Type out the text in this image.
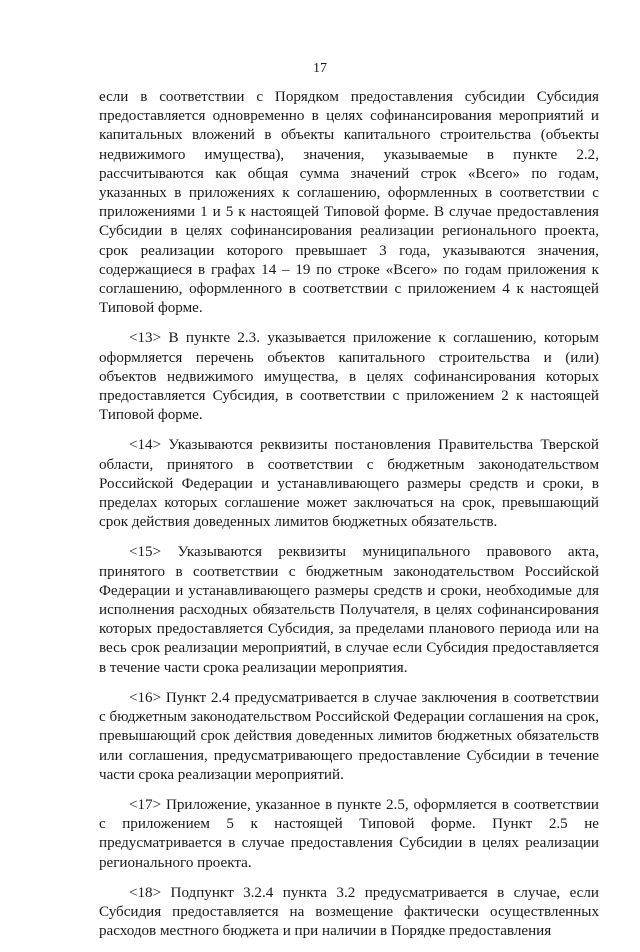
17

если в соответствии с Порядком предоставления субсидии Субсидия предоставляется одновременно в целях софинансирования мероприятий и капитальных вложений в объекты капитального строительства (объекты недвижимого имущества), значения, указываемые в пункте 2.2, рассчитываются как общая сумма значений строк «Всего» по годам, указанных в приложениях к соглашению, оформленных в соответствии с приложениями 1 и 5 к настоящей Типовой форме. В случае предоставления Субсидии в целях софинансирования реализации регионального проекта, срок реализации которого превышает 3 года, указываются значения, содержащиеся в графах 14 – 19 по строке «Всего» по годам приложения к соглашению, оформленного в соответствии с приложением 4 к настоящей Типовой форме.

<13> В пункте 2.3. указывается приложение к соглашению, которым оформляется перечень объектов капитального строительства и (или) объектов недвижимого имущества, в целях софинансирования которых предоставляется Субсидия, в соответствии с приложением 2 к настоящей Типовой форме.

<14> Указываются реквизиты постановления Правительства Тверской области, принятого в соответствии с бюджетным законодательством Российской Федерации и устанавливающего размеры средств и сроки, в пределах которых соглашение может заключаться на срок, превышающий срок действия доведенных лимитов бюджетных обязательств.

<15> Указываются реквизиты муниципального правового акта, принятого в соответствии с бюджетным законодательством Российской Федерации и устанавливающего размеры средств и сроки, необходимые для исполнения расходных обязательств Получателя, в целях софинансирования которых предоставляется Субсидия, за пределами планового периода или на весь срок реализации мероприятий, в случае если Субсидия предоставляется в течение части срока реализации мероприятия.

<16> Пункт 2.4 предусматривается в случае заключения в соответствии с бюджетным законодательством Российской Федерации соглашения на срок, превышающий срок действия доведенных лимитов бюджетных обязательств или соглашения, предусматривающего предоставление Субсидии в течение части срока реализации мероприятий.

<17> Приложение, указанное в пункте 2.5, оформляется в соответствии с приложением 5 к настоящей Типовой форме. Пункт 2.5 не предусматривается в случае предоставления Субсидии в целях реализации регионального проекта.

<18> Подпункт 3.2.4 пункта 3.2 предусматривается в случае, если Субсидия предоставляется на возмещение фактически осуществленных расходов местного бюджета и при наличии в Порядке предоставления
